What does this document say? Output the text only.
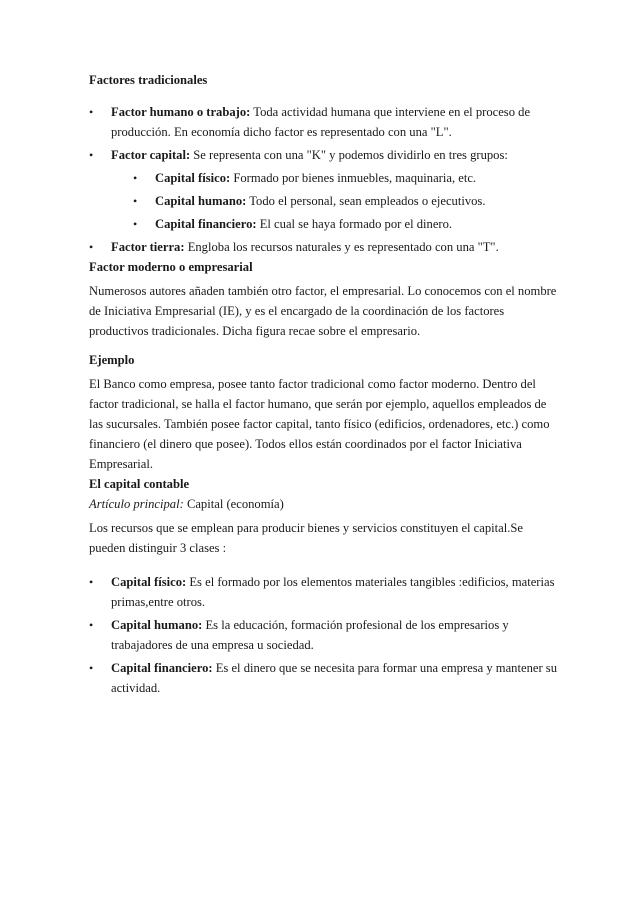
Factores tradicionales

• Factor humano o trabajo: Toda actividad humana que interviene en el proceso de producción. En economía dicho factor es representado con una "L".
• Factor capital: Se representa con una "K" y podemos dividirlo en tres grupos:
• Capital físico: Formado por bienes inmuebles, maquinaria, etc.
• Capital humano: Todo el personal, sean empleados o ejecutivos.
• Capital financiero: El cual se haya formado por el dinero.
• Factor tierra: Engloba los recursos naturales y es representado con una "T".

Factor moderno o empresarial

Numerosos autores añaden también otro factor, el empresarial. Lo conocemos con el nombre de Iniciativa Empresarial (IE), y es el encargado de la coordinación de los factores productivos tradicionales. Dicha figura recae sobre el empresario.

Ejemplo

El Banco como empresa, posee tanto factor tradicional como factor moderno. Dentro del factor tradicional, se halla el factor humano, que serán por ejemplo, aquellos empleados de las sucursales. También posee factor capital, tanto físico (edificios, ordenadores, etc.) como financiero (el dinero que posee). Todos ellos están coordinados por el factor Iniciativa Empresarial.

El capital contable

Artículo principal: Capital (economía)

Los recursos que se emplean para producir bienes y servicios constituyen el capital.Se pueden distinguir 3 clases :

• Capital físico: Es el formado por los elementos materiales tangibles :edificios, materias primas,entre otros.
• Capital humano: Es la educación, formación profesional de los empresarios y trabajadores de una empresa u sociedad.
• Capital financiero: Es el dinero que se necesita para formar una empresa y mantener su actividad.
